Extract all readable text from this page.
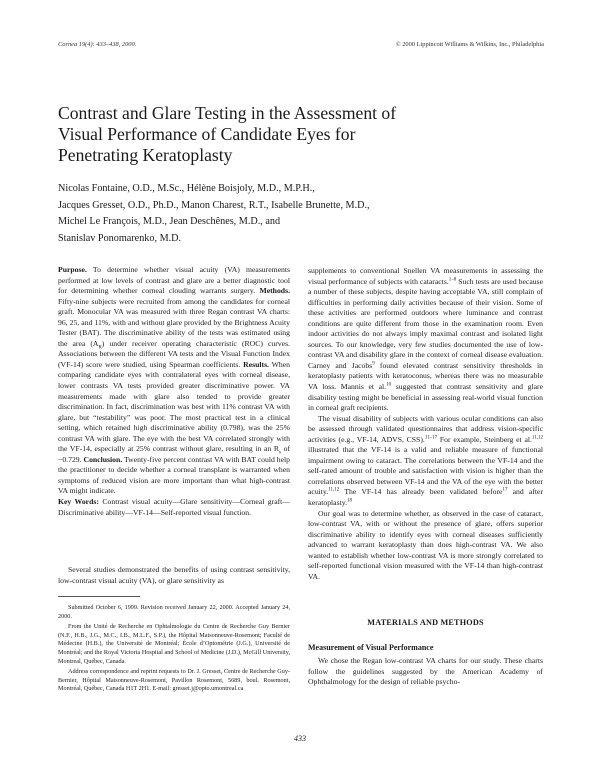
Cornea 19(4): 433–438, 2000.	© 2000 Lippincott Williams & Wilkins, Inc., Philadelphia
Contrast and Glare Testing in the Assessment of Visual Performance of Candidate Eyes for Penetrating Keratoplasty
Nicolas Fontaine, O.D., M.Sc., Hélène Boisjoly, M.D., M.P.H.,
Jacques Gresset, O.D., Ph.D., Manon Charest, R.T., Isabelle Brunette, M.D.,
Michel Le François, M.D., Jean Deschênes, M.D., and
Stanislav Ponomarenko, M.D.

Purpose. To determine whether visual acuity (VA) measurements performed at low levels of contrast and glare are a better diagnostic tool for determining whether corneal clouding warrants surgery. Methods. Fifty-nine subjects were recruited from among the candidates for corneal graft. Monocular VA was measured with three Regan contrast VA charts: 96, 25, and 11%, with and without glare provided by the Brightness Acuity Tester (BAT). The discriminative ability of the tests was estimated using the area $(A_R)$ under receiver operating characteristic (ROC) curves. Associations between the different VA tests and the Visual Function Index (VF-14) score were studied, using Spearman coefficients. Results. When comparing candidate eyes with contralateral eyes with corneal disease, lower contrasts VA tests provided greater discriminative power. VA measurements made with glare also tended to provide greater discrimination. In fact, discrimination was best with 11% contrast VA with glare, but “testability” was poor. The most practical test in a clinical setting, which retained high discriminative ability (0.798), was the 25% contrast VA with glare. The eye with the best VA correlated strongly with the VF-14, especially at 25% contrast without glare, resulting in an $R_s$ of −0.729. Conclusion. Twenty-five percent contrast VA with BAT could help the practitioner to decide whether a corneal transplant is warranted when symptoms of reduced vision are more important than what high-contrast VA might indicate.

Key Words: Contrast visual acuity—Glare sensitivity—Corneal graft—Discriminative ability—VF-14—Self-reported visual function.

Several studies demonstrated the benefits of using contrast sensitivity, low-contrast visual acuity (VA), or glare sensitivity as

Submitted October 6, 1999. Revision received January 22, 2000. Accepted January 24, 2000.

From the Unité de Recherche en Ophtalmologie du Centre de Recherche Guy Bernier (N.F., H.B., J.G., M.C., I.B., M.L.F., S.P.), the Hôpital Maisonneuve-Rosemont; Faculté de Médecine (H.B.), the Université de Montréal; École d’Optométrie (J.G.), Université de Montréal; and the Royal Victoria Hospital and School of Medicine (J.D.), McGill University, Montreal, Québec, Canada.

Address correspondence and reprint requests to Dr. J. Gresset, Centre de Recherche Guy-Bernier, Hôpital Maisonneuve-Rosemont, Pavillon Rosemont, 5689, boul. Rosemont, Montréal, Québec, Canada H1T 2H1. E-mail: gresset.j@opto.umontreal.ca

supplements to conventional Snellen VA measurements in assessing the visual performance of subjects with cataracts.$^{1-8}$ Such tests are used because a number of these subjects, despite having acceptable VA, still complain of difficulties in performing daily activities because of their vision. Some of these activities are performed outdoors where luminance and contrast conditions are quite different from those in the examination room. Even indoor activities do not always imply maximal contrast and isolated light sources. To our knowledge, very few studies documented the use of low-contrast VA and disability glare in the context of corneal disease evaluation. Carney and Jacobs$^9$ found elevated contrast sensitivity thresholds in keratoplasty patients with keratoconus, whereas there was no measurable VA loss. Mannis et al.$^{10}$ suggested that contrast sensitivity and glare disability testing might be beneficial in assessing real-world visual function in corneal graft recipients.

The visual disability of subjects with various ocular conditions can also be assessed through validated questionnaires that address vision-specific activities (e.g., VF-14, ADVS, CSS).$^{11-17}$ For example, Steinberg et al.$^{11,12}$ illustrated that the VF-14 is a valid and reliable measure of functional impairment owing to cataract. The correlations between the VF-14 and the self-rated amount of trouble and satisfaction with vision is higher than the correlations observed between VF-14 and the VA of the eye with the better acuity.$^{11,12}$ The VF-14 has already been validated before$^{17}$ and after keratoplasty.$^{18}$

Our goal was to determine whether, as observed in the case of cataract, low-contrast VA, with or without the presence of glare, offers superior discriminative ability to identify eyes with corneal diseases sufficiently advanced to warrant keratoplasty than does high-contrast VA. We also wanted to establish whether low-contrast VA is more strongly correlated to self-reported functional vision measured with the VF-14 than high-contrast VA.

MATERIALS AND METHODS
Measurement of Visual Performance

We chose the Regan low-contrast VA charts for our study. These charts follow the guidelines suggested by the American Academy of Ophthalmology for the design of reliable psycho-

433
